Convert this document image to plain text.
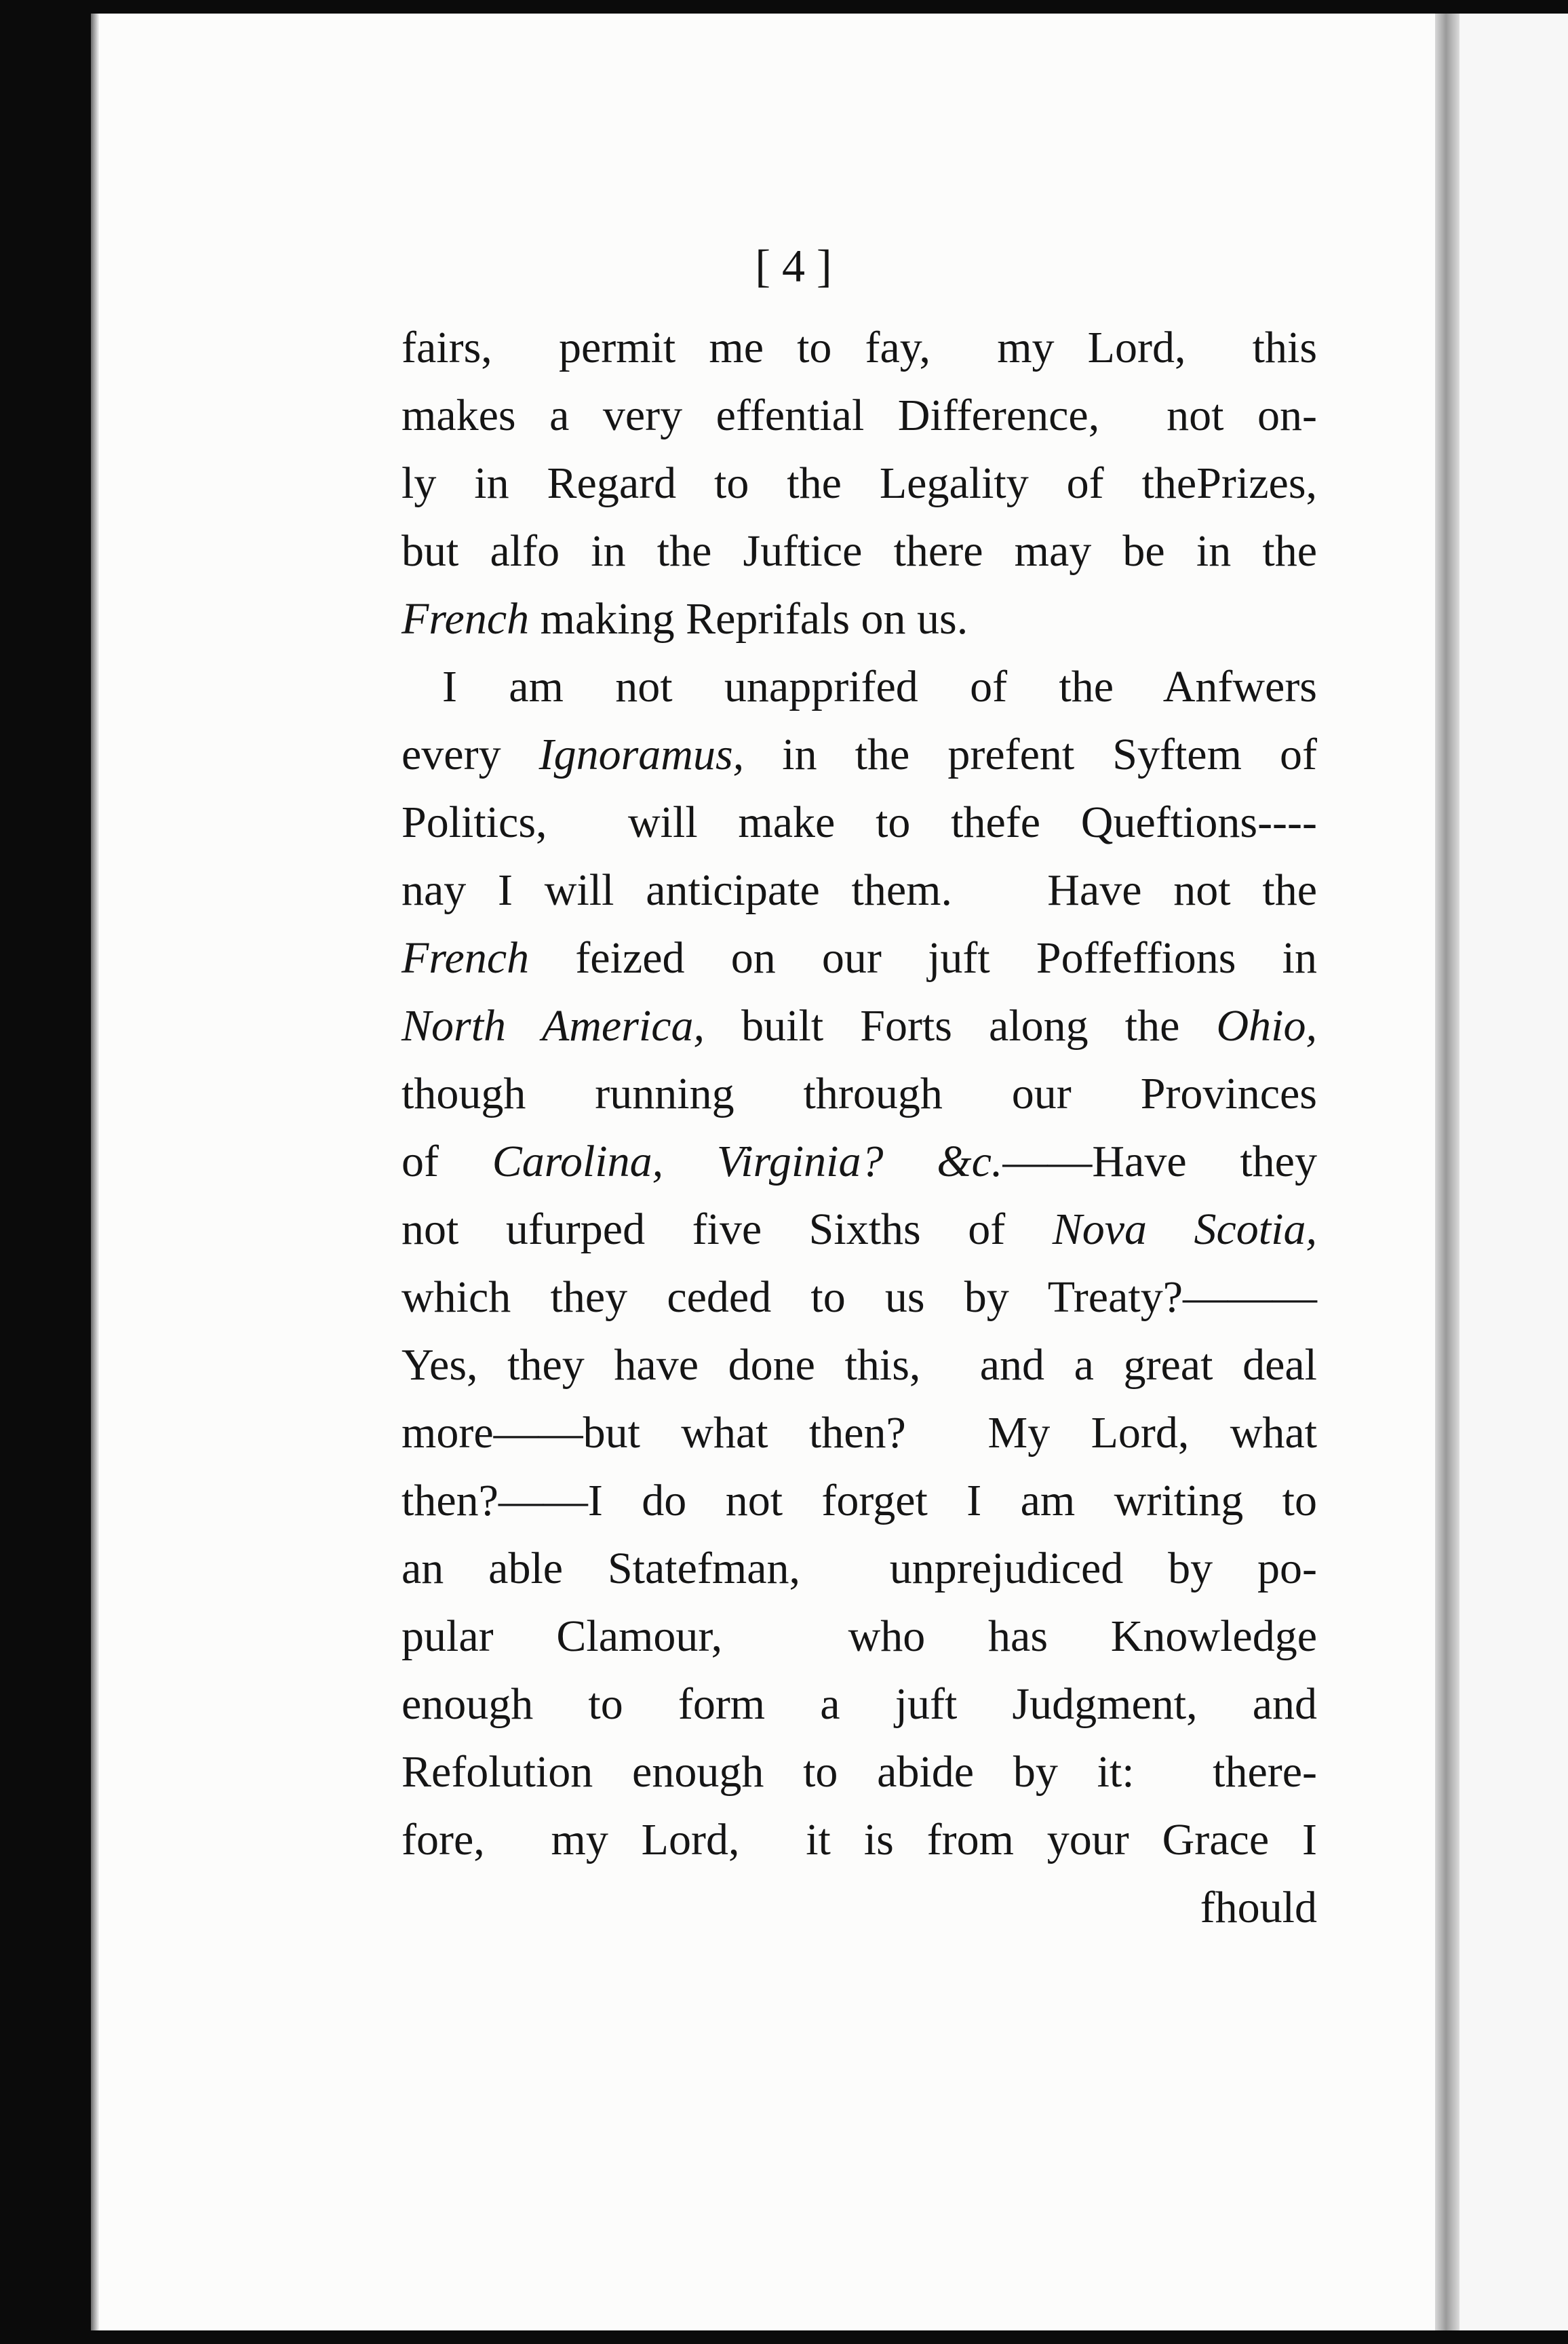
[ 4 ]
fairs,  permit me to fay,  my Lord,  this
makes a very effential Difference,  not on-
ly in Regard to the Legality of thePrizes,
but alfo in the Juftice there may be in the
French making Reprifals on us.
I am not unapprifed of the Anfwers
every Ignoramus, in the prefent Syftem of
Politics,  will make to thefe Queftions----
nay I will anticipate them.   Have not the
French feized on our juft Poffeffions in
North America, built Forts along the Ohio,
though running through our Provinces
of Carolina, Virginia? &c.——Have they
not ufurped five Sixths of Nova Scotia,
which they ceded to us by Treaty?———
Yes, they have done this,  and a great deal
more——but what then?  My Lord, what
then?——I do not forget I am writing to
an able Statefman,  unprejudiced by po-
pular Clamour,  who has Knowledge
enough to form a juft Judgment, and
Refolution enough to abide by it:  there-
fore,  my Lord,  it is from your Grace I
fhould
